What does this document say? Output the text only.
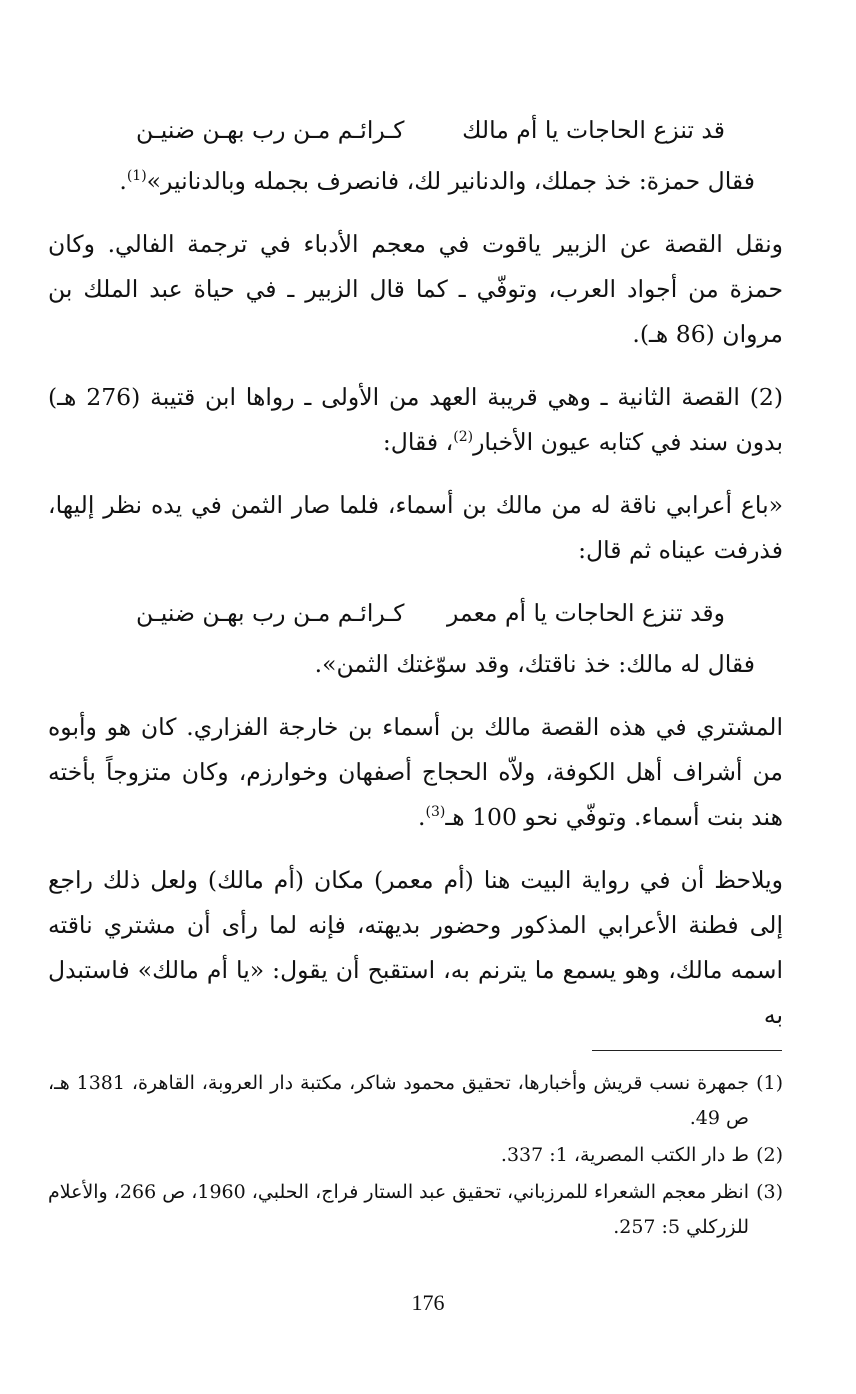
قد تنزع الحاجات يا أم مالك
كـرائـم مـن رب بهـن ضنيـن

فقال حمزة: خذ جملك، والدنانير لك، فانصرف بجمله وبالدنانير»$^{(1)}$.

ونقل القصة عن الزبير ياقوت في معجم الأدباء في ترجمة الفالي. وكان حمزة من أجواد العرب، وتوفّي ـ كما قال الزبير ـ في حياة عبد الملك بن مروان (86 هـ).

(2) القصة الثانية ـ وهي قريبة العهد من الأولى ـ رواها ابن قتيبة (276 هـ) بدون سند في كتابه عيون الأخبار$^{(2)}$، فقال:

«باع أعرابي ناقة له من مالك بن أسماء، فلما صار الثمن في يده نظر إليها، فذرفت عيناه ثم قال:

وقد تنزع الحاجات يا أم معمر
كـرائـم مـن رب بهـن ضنيـن

فقال له مالك: خذ ناقتك، وقد سوّغتك الثمن».

المشتري في هذه القصة مالك بن أسماء بن خارجة الفزاري. كان هو وأبوه من أشراف أهل الكوفة، ولاّه الحجاج أصفهان وخوارزم، وكان متزوجاً بأخته هند بنت أسماء. وتوفّي نحو 100 هـ$^{(3)}$.

ويلاحظ أن في رواية البيت هنا (أم معمر) مكان (أم مالك) ولعل ذلك راجع إلى فطنة الأعرابي المذكور وحضور بديهته، فإنه لما رأى أن مشتري ناقته اسمه مالك، وهو يسمع ما يترنم به، استقبح أن يقول: «يا أم مالك» فاستبدل به

(1)
جمهرة نسب قريش وأخبارها، تحقيق محمود شاكر، مكتبة دار العروبة، القاهرة، 1381 هـ، ص 49.
(2)
ط دار الكتب المصرية، 1: 337.
(3)
انظر معجم الشعراء للمرزباني، تحقيق عبد الستار فراج، الحلبي، 1960، ص 266، والأعلام للزركلي 5: 257.
176
